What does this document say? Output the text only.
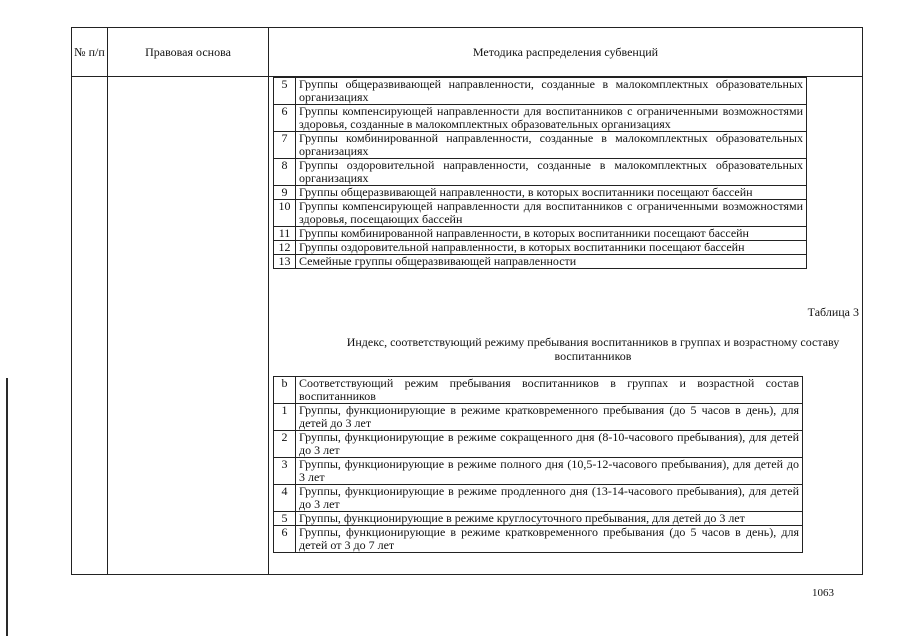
№ п/п	Правовая основа	Методика распределения субвенций

5	Группы общеразвивающей направленности, созданные в малокомплектных образовательных организациях
6	Группы компенсирующей направленности для воспитанников с ограниченными возможностями здоровья, созданные в малокомплектных образовательных организациях
7	Группы комбинированной направленности, созданные в малокомплектных образовательных организациях
8	Группы оздоровительной направленности, созданные в малокомплектных образовательных организациях
9	Группы общеразвивающей направленности, в которых воспитанники посещают бассейн
10	Группы компенсирующей направленности для воспитанников с ограниченными возможностями здоровья, посещающих бассейн
11	Группы комбинированной направленности, в которых воспитанники посещают бассейн
12	Группы оздоровительной направленности, в которых воспитанники посещают бассейн
13	Семейные группы общеразвивающей направленности
Таблица 3
Индекс, соответствующий режиму пребывания воспитанников в группах и возрастному составу воспитанников
b	Соответствующий режим пребывания воспитанников в группах и возрастной состав воспитанников
1	Группы, функционирующие в режиме кратковременного пребывания (до 5 часов в день), для детей до 3 лет
2	Группы, функционирующие в режиме сокращенного дня (8-10-часового пребывания), для детей до 3 лет
3	Группы, функционирующие в режиме полного дня (10,5-12-часового пребывания), для детей до 3 лет
4	Группы, функционирующие в режиме продленного дня (13-14-часового пребывания), для детей до 3 лет
5	Группы, функционирующие в режиме круглосуточного пребывания, для детей до 3 лет
6	Группы, функционирующие в режиме кратковременного пребывания (до 5 часов в день), для детей от 3 до 7 лет
1063
